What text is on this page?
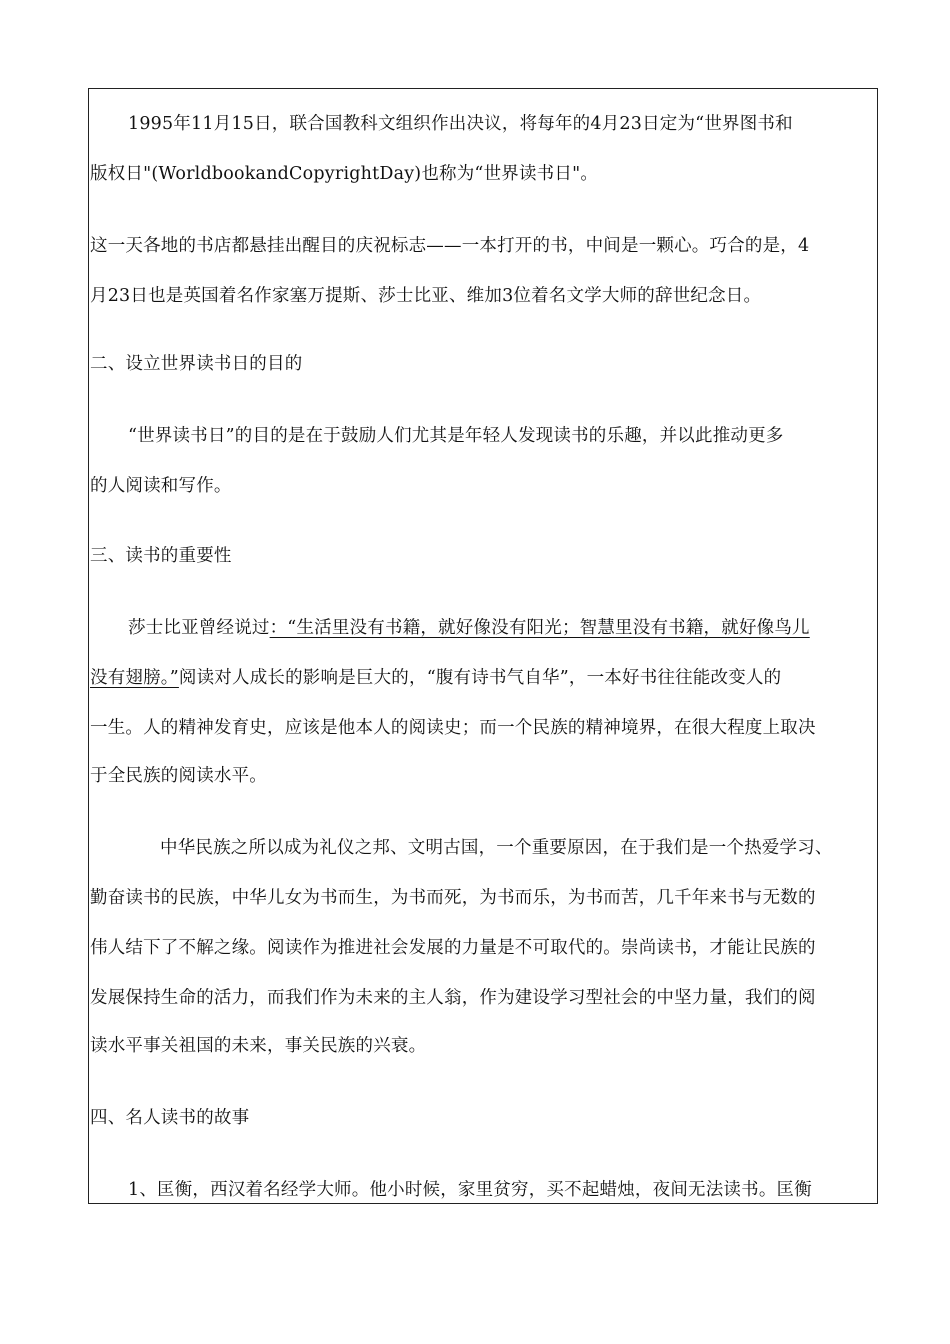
1995年11月15日，联合国教科文组织作出决议，将每年的4月23日定为“世界图书和
版权日"(WorldbookandCopyrightDay)也称为“世界读书日"。
这一天各地的书店都悬挂出醒目的庆祝标志——一本打开的书，中间是一颗心。巧合的是，4
月23日也是英国着名作家塞万提斯、莎士比亚、维加3位着名文学大师的辞世纪念日。
二、设立世界读书日的目的
“世界读书日”的目的是在于鼓励人们尤其是年轻人发现读书的乐趣，并以此推动更多
的人阅读和写作。
三、读书的重要性
莎士比亚曾经说过：“生活里没有书籍，就好像没有阳光；智慧里没有书籍，就好像鸟儿
没有翅膀。”阅读对人成长的影响是巨大的，“腹有诗书气自华”，一本好书往往能改变人的
一生。人的精神发育史，应该是他本人的阅读史；而一个民族的精神境界，在很大程度上取决
于全民族的阅读水平。
中华民族之所以成为礼仪之邦、文明古国，一个重要原因，在于我们是一个热爱学习、
勤奋读书的民族，中华儿女为书而生，为书而死，为书而乐，为书而苦，几千年来书与无数的
伟人结下了不解之缘。阅读作为推进社会发展的力量是不可取代的。崇尚读书，才能让民族的
发展保持生命的活力，而我们作为未来的主人翁，作为建设学习型社会的中坚力量，我们的阅
读水平事关祖国的未来，事关民族的兴衰。
四、名人读书的故事
1、匡衡，西汉着名经学大师。他小时候，家里贫穷，买不起蜡烛，夜间无法读书。匡衡
